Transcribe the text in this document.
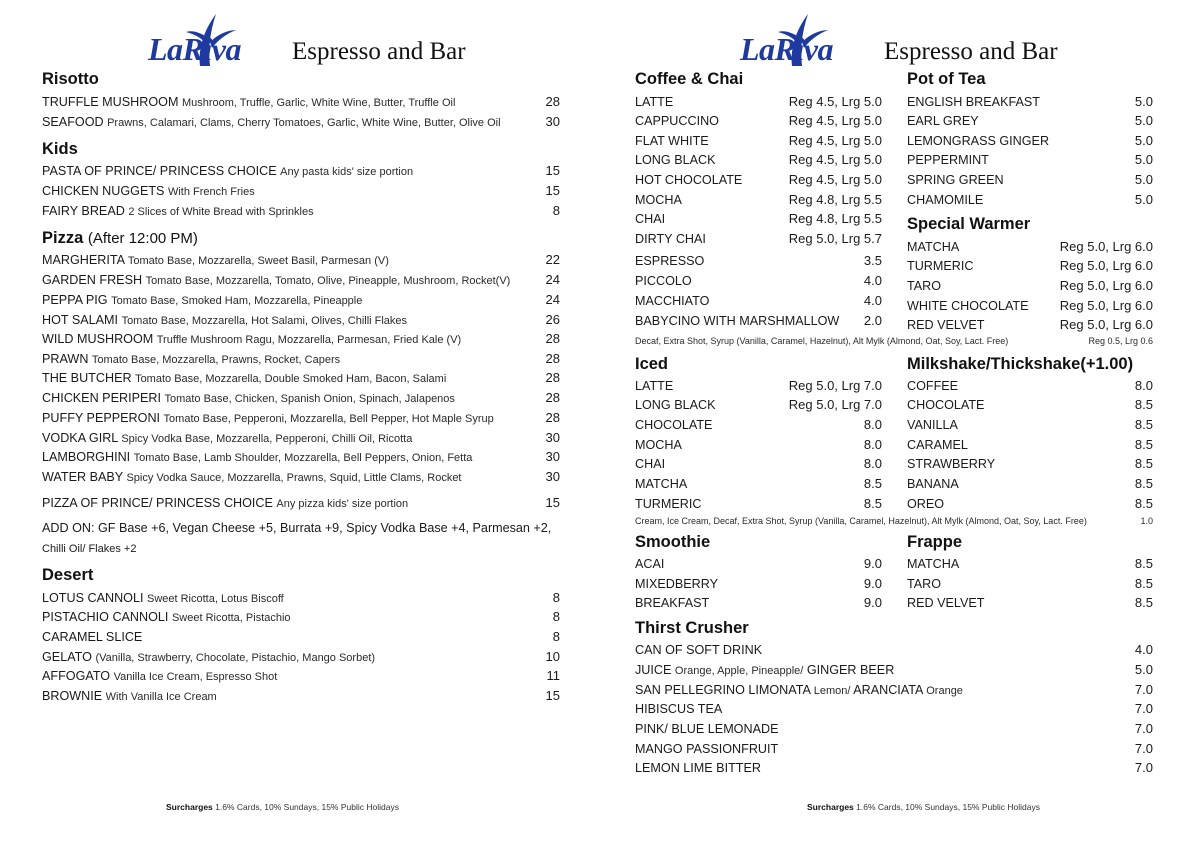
LaRiva Espresso and Bar
Risotto
TRUFFLE MUSHROOM Mushroom, Truffle, Garlic, White Wine, Butter, Truffle Oil	28
SEAFOOD Prawns, Calamari, Clams, Cherry Tomatoes, Garlic, White Wine, Butter, Olive Oil	30
Kids
PASTA OF PRINCE/ PRINCESS CHOICE Any pasta kids' size portion	15
CHICKEN NUGGETS With French Fries	15
FAIRY BREAD 2 Slices of White Bread with Sprinkles	8
Pizza (After 12:00 PM)
MARGHERITA Tomato Base, Mozzarella, Sweet Basil, Parmesan (V)	22
GARDEN FRESH Tomato Base, Mozzarella, Tomato, Olive, Pineapple, Mushroom, Rocket(V)	24
PEPPA PIG Tomato Base, Smoked Ham, Mozzarella, Pineapple	24
HOT SALAMI Tomato Base, Mozzarella, Hot Salami, Olives, Chilli Flakes	26
WILD MUSHROOM Truffle Mushroom Ragu, Mozzarella, Parmesan, Fried Kale (V)	28
PRAWN Tomato Base, Mozzarella, Prawns, Rocket, Capers	28
THE BUTCHER Tomato Base, Mozzarella, Double Smoked Ham, Bacon, Salami	28
CHICKEN PERIPERI Tomato Base, Chicken, Spanish Onion, Spinach, Jalapenos	28
PUFFY PEPPERONI Tomato Base, Pepperoni, Mozzarella, Bell Pepper, Hot Maple Syrup	28
VODKA GIRL Spicy Vodka Base, Mozzarella, Pepperoni, Chilli Oil, Ricotta	30
LAMBORGHINI Tomato Base, Lamb Shoulder, Mozzarella, Bell Peppers, Onion, Fetta	30
WATER BABY Spicy Vodka Sauce, Mozzarella, Prawns, Squid, Little Clams, Rocket	30
PIZZA OF PRINCE/ PRINCESS CHOICE Any pizza kids' size portion	15
ADD ON: GF Base +6, Vegan Cheese +5, Burrata +9, Spicy Vodka Base +4, Parmesan +2,
Chilli Oil/ Flakes +2
Desert
LOTUS CANNOLI Sweet Ricotta, Lotus Biscoff	8
PISTACHIO CANNOLI Sweet Ricotta, Pistachio	8
CARAMEL SLICE	8
GELATO (Vanilla, Strawberry, Chocolate, Pistachio, Mango Sorbet)	10
AFFOGATO Vanilla Ice Cream, Espresso Shot	11
BROWNIE With Vanilla Ice Cream	15
Surcharges 1.6% Cards, 10% Sundays, 15% Public Holidays
LaRiva Espresso and Bar
Coffee & Chai
LATTE	Reg 4.5, Lrg 5.0
CAPPUCCINO	Reg 4.5, Lrg 5.0
FLAT WHITE	Reg 4.5, Lrg 5.0
LONG BLACK	Reg 4.5, Lrg 5.0
HOT CHOCOLATE	Reg 4.5, Lrg 5.0
MOCHA	Reg 4.8, Lrg 5.5
CHAI	Reg 4.8, Lrg 5.5
DIRTY CHAI	Reg 5.0, Lrg 5.7
ESPRESSO	3.5
PICCOLO	4.0
MACCHIATO	4.0
BABYCINO WITH MARSHMALLOW 2.0
Decaf, Extra Shot, Syrup (Vanilla, Caramel, Hazelnut), Alt Mylk (Almond, Oat, Soy, Lact. Free)	Reg 0.5, Lrg 0.6
Pot of Tea
ENGLISH BREAKFAST	5.0
EARL GREY	5.0
LEMONGRASS GINGER	5.0
PEPPERMINT	5.0
SPRING GREEN	5.0
CHAMOMILE	5.0
Special Warmer
MATCHA	Reg 5.0, Lrg 6.0
TURMERIC	Reg 5.0, Lrg 6.0
TARO	Reg 5.0, Lrg 6.0
WHITE CHOCOLATE Reg 5.0, Lrg 6.0
RED VELVET	Reg 5.0, Lrg 6.0
Iced
LATTE	Reg 5.0, Lrg 7.0
LONG BLACK	Reg 5.0, Lrg 7.0
CHOCOLATE	8.0
MOCHA	8.0
CHAI	8.0
MATCHA	8.5
TURMERIC	8.5
Cream, Ice Cream, Decaf, Extra Shot, Syrup (Vanilla, Caramel, Hazelnut), Alt Mylk (Almond, Oat, Soy, Lact. Free)	1.0
Milkshake/Thickshake(+1.00)
COFFEE	8.0
CHOCOLATE	8.5
VANILLA	8.5
CARAMEL	8.5
STRAWBERRY	8.5
BANANA	8.5
OREO	8.5
Smoothie
ACAI	9.0
MIXEDBERRY	9.0
BREAKFAST	9.0
Frappe
MATCHA	8.5
TARO	8.5
RED VELVET	8.5
Thirst Crusher
CAN OF SOFT DRINK	4.0
JUICE Orange, Apple, Pineapple/ GINGER BEER	5.0
SAN PELLEGRINO LIMONATA Lemon/ ARANCIATA Orange	7.0
HIBISCUS TEA	7.0
PINK/ BLUE LEMONADE	7.0
MANGO PASSIONFRUIT	7.0
LEMON LIME BITTER	7.0
Surcharges 1.6% Cards, 10% Sundays, 15% Public Holidays
